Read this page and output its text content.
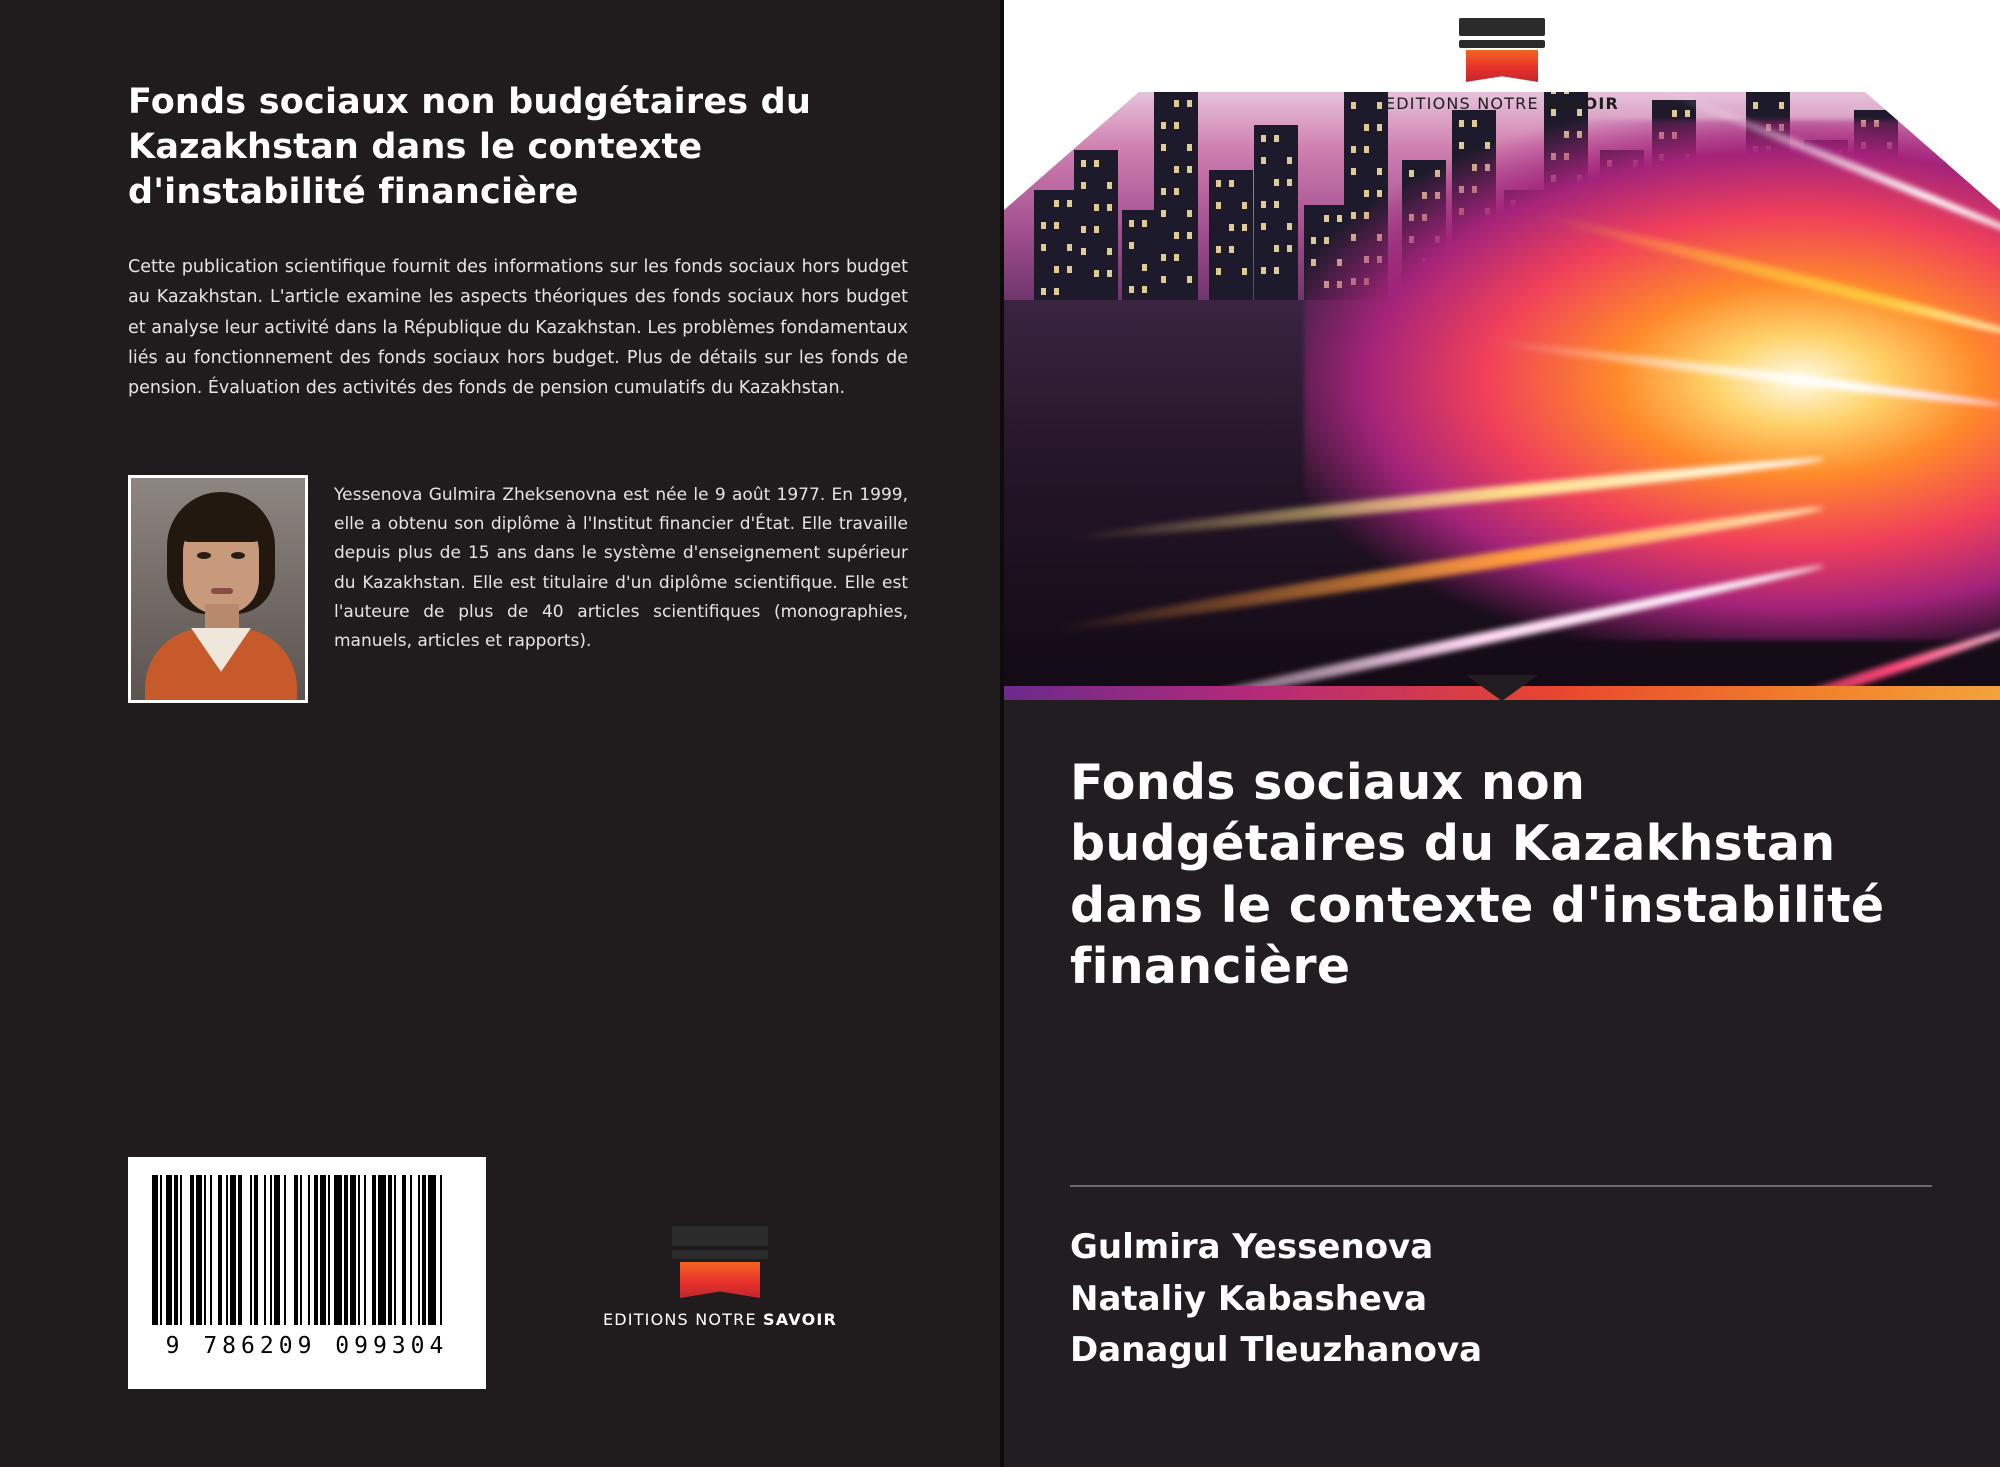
Fonds sociaux non budgétaires du Kazakhstan dans le contexte d'instabilité financière
Cette publication scientifique fournit des informations sur les fonds sociaux hors budget au Kazakhstan. L'article examine les aspects théoriques des fonds sociaux hors budget et analyse leur activité dans la République du Kazakhstan. Les problèmes fondamentaux liés au fonctionnement des fonds sociaux hors budget. Plus de détails sur les fonds de pension. Évaluation des activités des fonds de pension cumulatifs du Kazakhstan.
Yessenova Gulmira Zheksenovna est née le 9 août 1977. En 1999, elle a obtenu son diplôme à l'Institut financier d'État. Elle travaille depuis plus de 15 ans dans le système d'enseignement supérieur du Kazakhstan. Elle est titulaire d'un diplôme scientifique. Elle est l'auteure de plus de 40 articles scientifiques (monographies, manuels, articles et rapports).
9 786209 099304
EDITIONS NOTRE SAVOIR
EDITIONS NOTRE SAVOIR
Fonds sociaux non budgétaires du Kazakhstan dans le contexte d'instabilité financière
Gulmira Yessenova
Nataliy Kabasheva
Danagul Tleuzhanova
